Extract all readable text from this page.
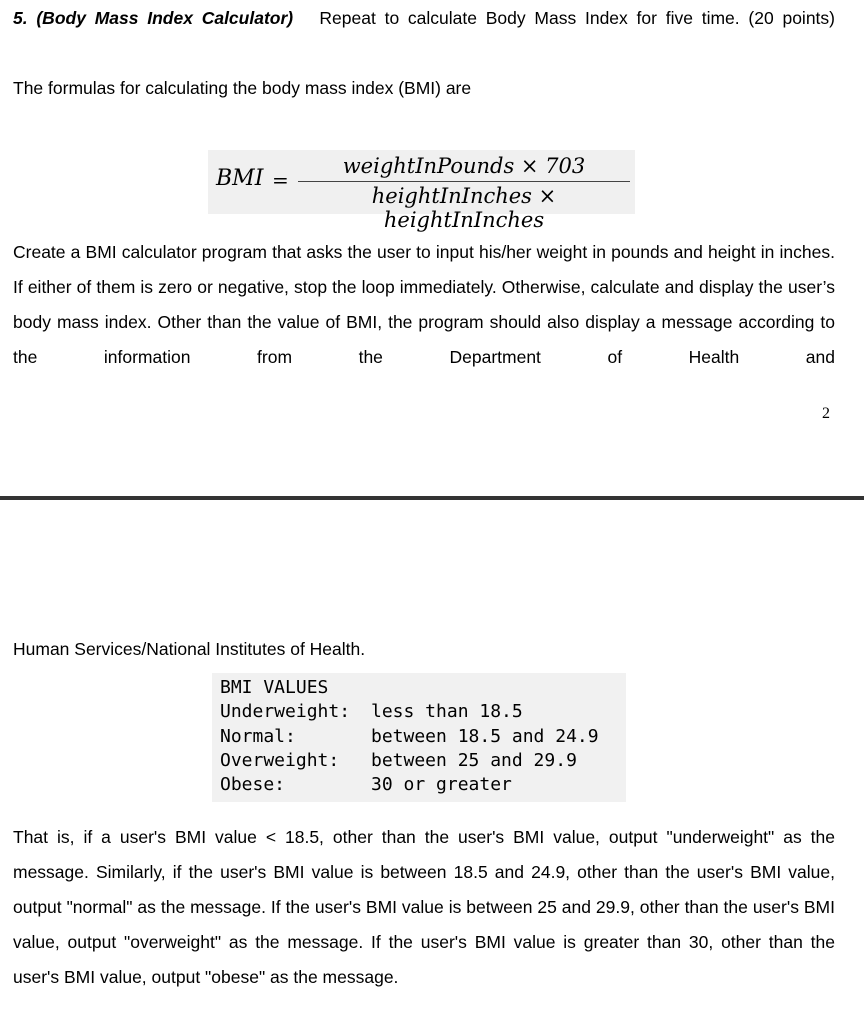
5. (Body Mass Index Calculator) Repeat to calculate Body Mass Index for five time. (20 points)
The formulas for calculating the body mass index (BMI) are
BMI =
weightInPounds × 703
heightInInches × heightInInches
Create a BMI calculator program that asks the user to input his/her weight in pounds and height in inches. If either of them is zero or negative, stop the loop immediately. Otherwise, calculate and display the user’s body mass index. Other than the value of BMI, the program should also display a message according to the information from the Department of Health and
2
Human Services/National Institutes of Health.
BMI VALUES
Underweight: less than 18.5
Normal:	between 18.5 and 24.9
Overweight: between 25 and 29.9
Obese:	30 or greater
That is, if a user's BMI value < 18.5, other than the user's BMI value, output "underweight" as the message. Similarly, if the user's BMI value is between 18.5 and 24.9, other than the user's BMI value, output "normal" as the message. If the user's BMI value is between 25 and 29.9, other than the user's BMI value, output "overweight" as the message. If the user's BMI value is greater than 30, other than the user's BMI value, output "obese" as the message.
